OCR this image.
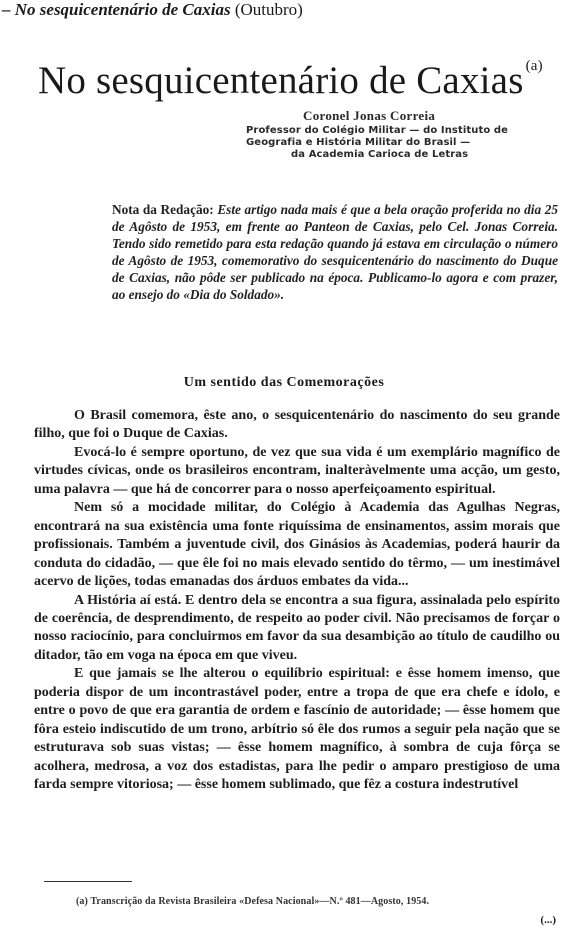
– No sesquicentenário de Caxias (Outubro)
No sesquicentenário de Caxias $^{(a)}$
Coronel Jonas Correia
Professor do Colégio Militar — do Instituto de
Geografia e História Militar do Brasil —
da Academia Carioca de Letras
Nota da Redação: Este artigo nada mais é que a bela oração proferida no dia 25 de Agôsto de 1953, em frente ao Panteon de Caxias, pelo Cel. Jonas Correia. Tendo sido remetido para esta redação quando já estava em circulação o número de Agôsto de 1953, comemorativo do sesquicentenário do nascimento do Duque de Caxias, não pôde ser publicado na época. Publicamo-lo agora e com prazer, ao ensejo do «Dia do Soldado».
Um sentido das Comemorações

O Brasil comemora, êste ano, o sesquicentenário do nascimento do seu grande filho, que foi o Duque de Caxias.

Evocá-lo é sempre oportuno, de vez que sua vida é um exemplário magnífico de virtudes cívicas, onde os brasileiros encontram, inalteràvelmente uma acção, um gesto, uma palavra — que há de concorrer para o nosso aperfeiçoamento espiritual.

Nem só a mocidade militar, do Colégio à Academia das Agulhas Negras, encontrará na sua existência uma fonte riquíssima de ensinamentos, assim morais que profissionais. Também a juventude civil, dos Ginásios às Academias, poderá haurir da conduta do cidadão, — que êle foi no mais elevado sentido do têrmo, — um inestimável acervo de lições, todas emanadas dos árduos embates da vida...

A História aí está. E dentro dela se encontra a sua figura, assinalada pelo espírito de coerência, de desprendimento, de respeito ao poder civil. Não precisamos de forçar o nosso raciocínio, para concluirmos em favor da sua desambição ao título de caudilho ou ditador, tão em voga na época em que viveu.

E que jamais se lhe alterou o equilíbrio espiritual: e êsse homem imenso, que poderia dispor de um incontrastável poder, entre a tropa de que era chefe e ídolo, e entre o povo de que era garantia de ordem e fascínio de autoridade; — êsse homem que fôra esteio indiscutido de um trono, arbítrio só êle dos rumos a seguir pela nação que se estruturava sob suas vistas; — êsse homem magnífico, à sombra de cuja fôrça se acolhera, medrosa, a voz dos estadistas, para lhe pedir o amparo prestigioso de uma farda sempre vitoriosa; — êsse homem sublimado, que fêz a costura indestrutível

(a) Transcrição da Revista Brasileira «Defesa Nacional»—N.º 481—Agosto, 1954.
(...)
